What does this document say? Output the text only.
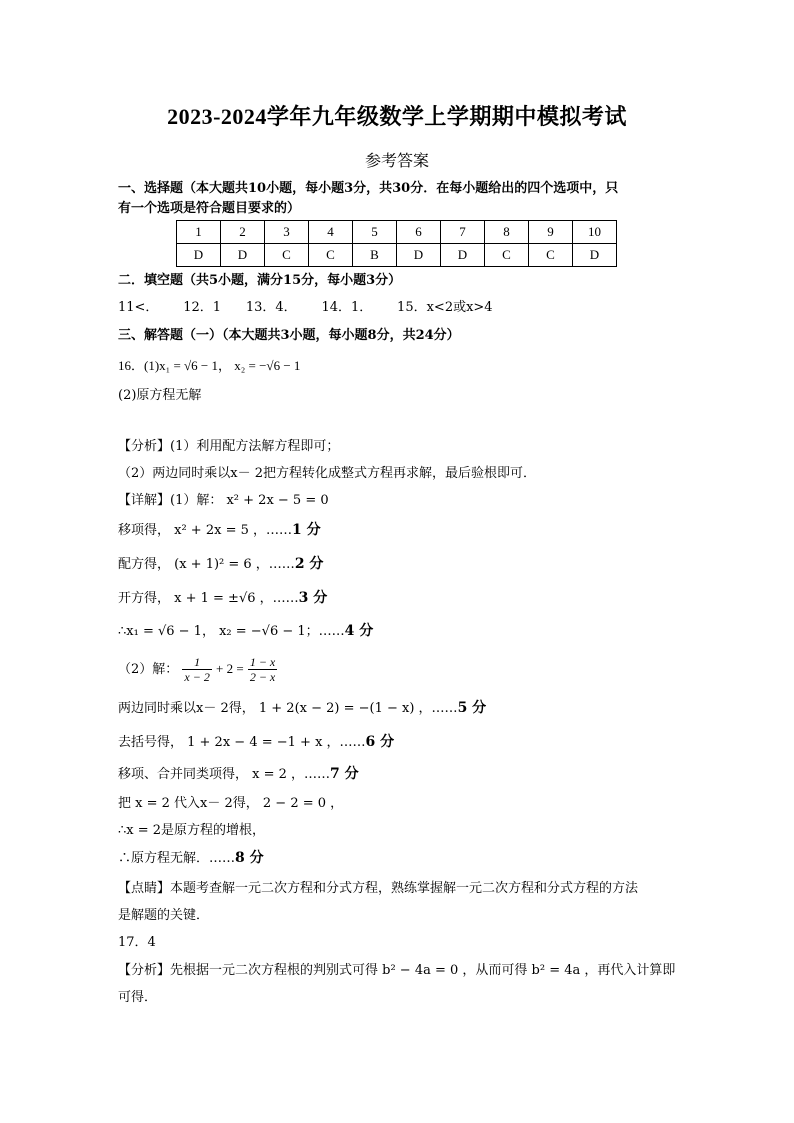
2023-2024学年九年级数学上学期期中模拟考试
参考答案
一、选择题（本大题共10小题，每小题3分，共30分．在每小题给出的四个选项中，只
有一个选项是符合题目要求的）
1	2	3	4	5	6	7	8	9	10
D	D	C	C	B	D	D	C	C	D
二．填空题（共5小题，满分15分，每小题3分）
11<．      12．1      13．4．      14．1．      15．x<2或x>4
三、解答题（一）（本大题共3小题，每小题8分，共24分）
16．(1)x₁ = √6 − 1， x₂ = −√6 − 1
(2)原方程无解
【分析】(1）利用配方法解方程即可；
（2）两边同时乘以x－ 2把方程转化成整式方程再求解，最后验根即可．
【详解】(1）解： x² + 2x − 5 = 0
移项得， x² + 2x = 5 ，……1 分
配方得， (x + 1)² = 6 ，……2 分
开方得， x + 1 = ±√6 ，……3 分
∴x₁ = √6 − 1， x₂ = −√6 − 1；……4 分
（2）解： $\frac{1}{x - 2} + 2 = \frac{1 - x}{2 - x}$
两边同时乘以x－ 2得， 1 + 2(x − 2) = −(1 − x) ，……5 分
去括号得， 1 + 2x − 4 = −1 + x ，……6 分
移项、合并同类项得， x = 2 ，……7 分
把 x = 2 代入x－ 2得， 2 − 2 = 0 ，
∴x = 2是原方程的增根，
∴原方程无解．……8 分
【点睛】本题考查解一元二次方程和分式方程，熟练掌握解一元二次方程和分式方程的方法
是解题的关键．
17．4
【分析】先根据一元二次方程根的判别式可得 b² − 4a = 0 ，从而可得 b² = 4a ，再代入计算即
可得．
